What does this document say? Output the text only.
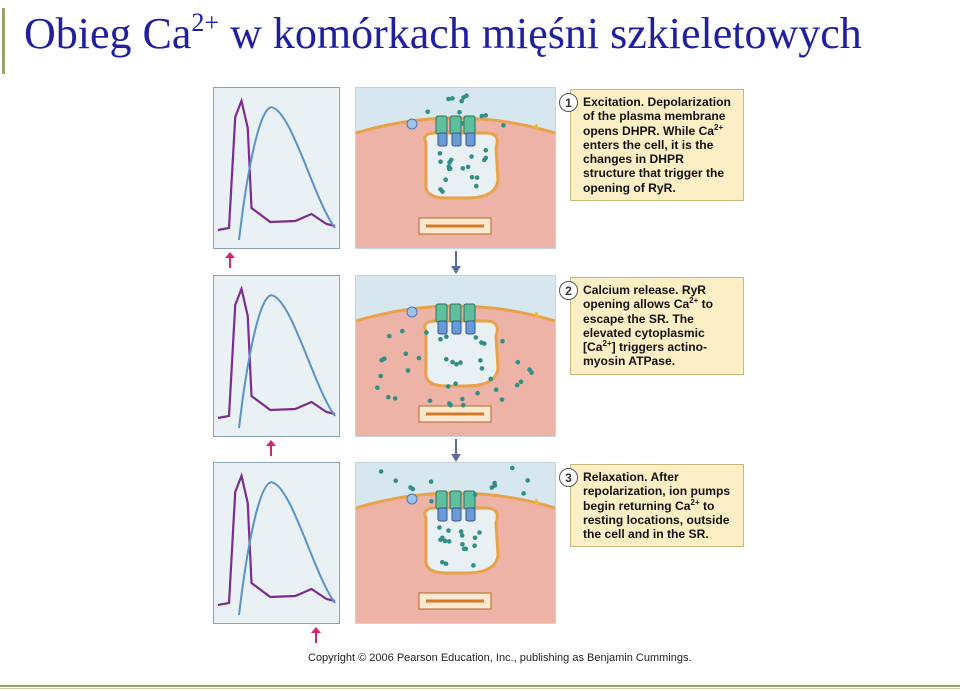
Obieg $Ca^{2+}$ w komórkach mięśni szkieletowych
Excitation. Depolarization of the plasma membrane opens DHPR. While $Ca^{2+}$ enters the cell, it is the changes in DHPR structure that trigger the opening of RyR.
1
Calcium release. RyR opening allows $Ca^{2+}$ to escape the SR. The elevated cytoplasmic $[Ca^{2+}]$ triggers actino-myosin ATPase.
2
Relaxation. After repolarization, ion pumps begin returning $Ca^{2+}$ to resting locations, outside the cell and in the SR.
3
Copyright © 2006 Pearson Education, Inc., publishing as Benjamin Cummings.
